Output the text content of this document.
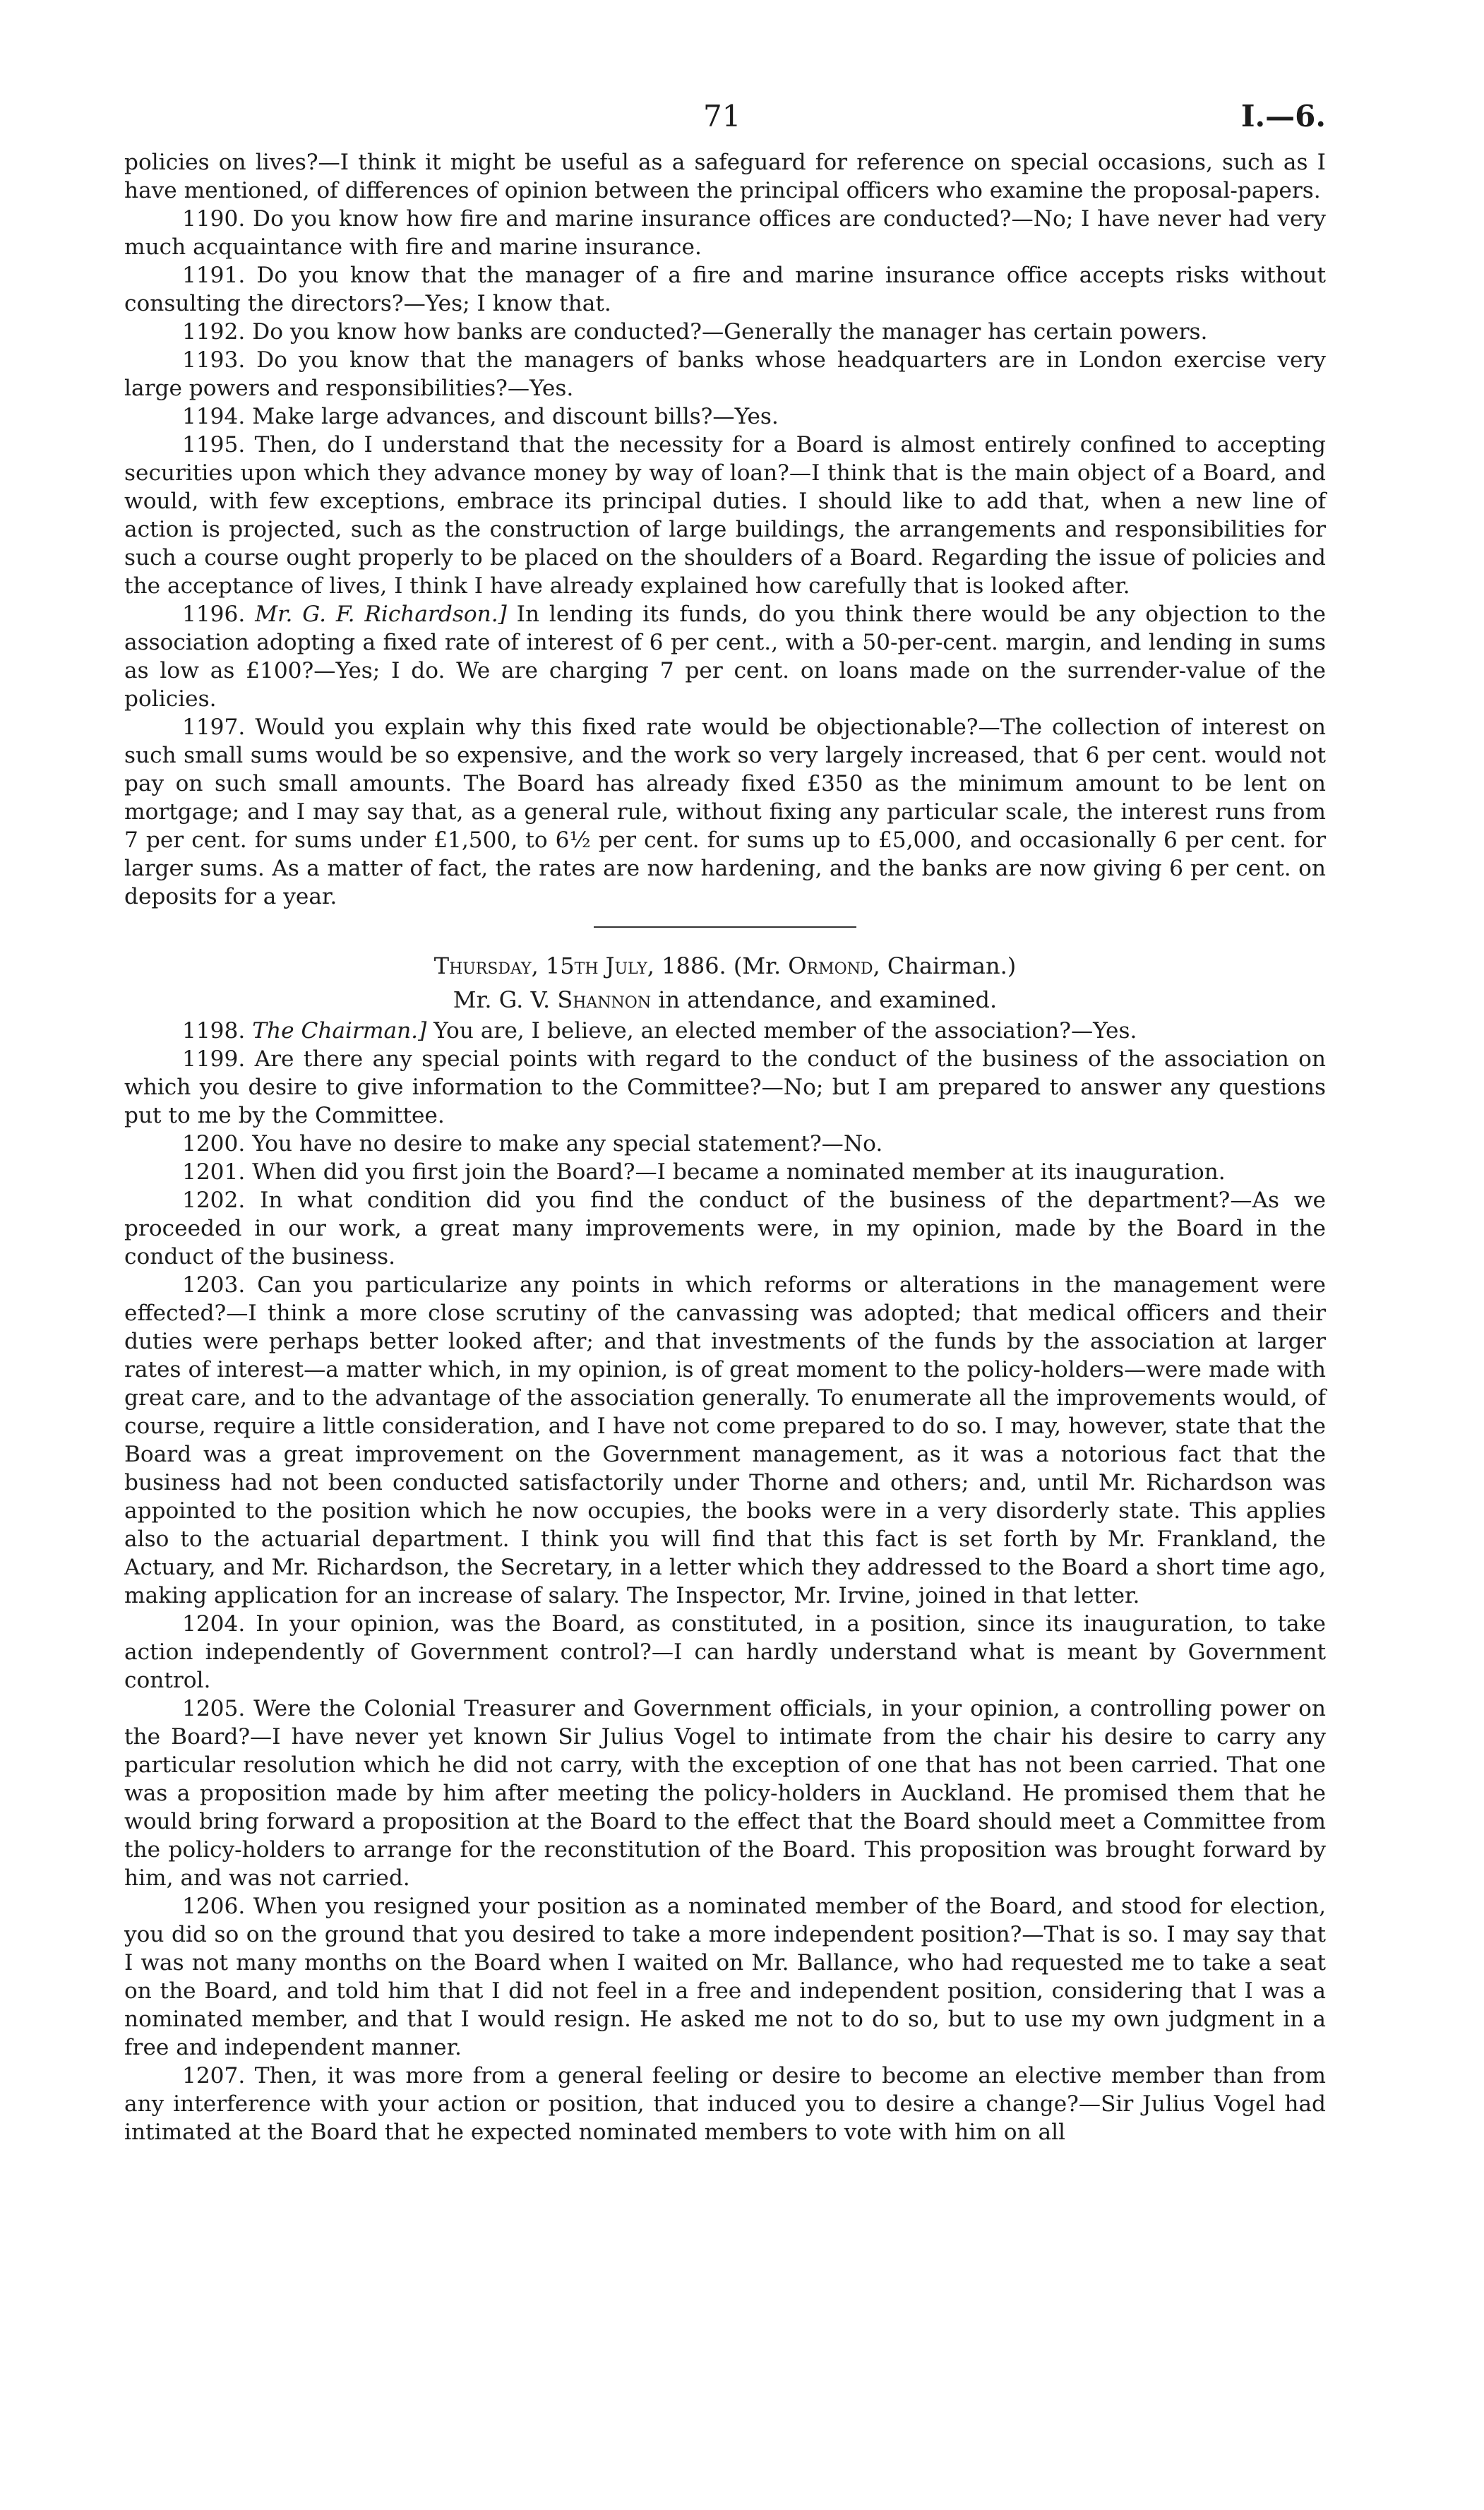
71	I.—6.

policies on lives?—I think it might be useful as a safeguard for reference on special occasions, such as I have mentioned, of differences of opinion between the principal officers who examine the proposal-papers.

1190. Do you know how fire and marine insurance offices are conducted?—No; I have never had very much acquaintance with fire and marine insurance.

1191. Do you know that the manager of a fire and marine insurance office accepts risks without consulting the directors?—Yes; I know that.

1192. Do you know how banks are conducted?—Generally the manager has certain powers.

1193. Do you know that the managers of banks whose headquarters are in London exercise very large powers and responsibilities?—Yes.

1194. Make large advances, and discount bills?—Yes.

1195. Then, do I understand that the necessity for a Board is almost entirely confined to accepting securities upon which they advance money by way of loan?—I think that is the main object of a Board, and would, with few exceptions, embrace its principal duties. I should like to add that, when a new line of action is projected, such as the construction of large buildings, the arrangements and responsibilities for such a course ought properly to be placed on the shoulders of a Board. Regarding the issue of policies and the acceptance of lives, I think I have already explained how carefully that is looked after.

1196. Mr. G. F. Richardson.] In lending its funds, do you think there would be any objection to the association adopting a fixed rate of interest of 6 per cent., with a 50-per-cent. margin, and lending in sums as low as £100?—Yes; I do. We are charging 7 per cent. on loans made on the surrender-value of the policies.

1197. Would you explain why this fixed rate would be objectionable?—The collection of interest on such small sums would be so expensive, and the work so very largely increased, that 6 per cent. would not pay on such small amounts. The Board has already fixed £350 as the minimum amount to be lent on mortgage; and I may say that, as a general rule, without fixing any particular scale, the interest runs from 7 per cent. for sums under £1,500, to 6½ per cent. for sums up to £5,000, and occasionally 6 per cent. for larger sums. As a matter of fact, the rates are now hardening, and the banks are now giving 6 per cent. on deposits for a year.

Thursday, 15th July, 1886. (Mr. Ormond, Chairman.)

Mr. G. V. Shannon in attendance, and examined.

1198. The Chairman.] You are, I believe, an elected member of the association?—Yes.

1199. Are there any special points with regard to the conduct of the business of the association on which you desire to give information to the Committee?—No; but I am prepared to answer any questions put to me by the Committee.

1200. You have no desire to make any special statement?—No.

1201. When did you first join the Board?—I became a nominated member at its inauguration.

1202. In what condition did you find the conduct of the business of the department?—As we proceeded in our work, a great many improvements were, in my opinion, made by the Board in the conduct of the business.

1203. Can you particularize any points in which reforms or alterations in the management were effected?—I think a more close scrutiny of the canvassing was adopted; that medical officers and their duties were perhaps better looked after; and that investments of the funds by the association at larger rates of interest—a matter which, in my opinion, is of great moment to the policy-holders—were made with great care, and to the advantage of the association generally. To enumerate all the improvements would, of course, require a little consideration, and I have not come prepared to do so. I may, however, state that the Board was a great improvement on the Government management, as it was a notorious fact that the business had not been conducted satisfactorily under Thorne and others; and, until Mr. Richardson was appointed to the position which he now occupies, the books were in a very disorderly state. This applies also to the actuarial department. I think you will find that this fact is set forth by Mr. Frankland, the Actuary, and Mr. Richardson, the Secretary, in a letter which they addressed to the Board a short time ago, making application for an increase of salary. The Inspector, Mr. Irvine, joined in that letter.

1204. In your opinion, was the Board, as constituted, in a position, since its inauguration, to take action independently of Government control?—I can hardly understand what is meant by Government control.

1205. Were the Colonial Treasurer and Government officials, in your opinion, a controlling power on the Board?—I have never yet known Sir Julius Vogel to intimate from the chair his desire to carry any particular resolution which he did not carry, with the exception of one that has not been carried. That one was a proposition made by him after meeting the policy-holders in Auckland. He promised them that he would bring forward a proposition at the Board to the effect that the Board should meet a Committee from the policy-holders to arrange for the reconstitution of the Board. This proposition was brought forward by him, and was not carried.

1206. When you resigned your position as a nominated member of the Board, and stood for election, you did so on the ground that you desired to take a more independent position?—That is so. I may say that I was not many months on the Board when I waited on Mr. Ballance, who had requested me to take a seat on the Board, and told him that I did not feel in a free and independent position, considering that I was a nominated member, and that I would resign. He asked me not to do so, but to use my own judgment in a free and independent manner.

1207. Then, it was more from a general feeling or desire to become an elective member than from any interference with your action or position, that induced you to desire a change?—Sir Julius Vogel had intimated at the Board that he expected nominated members to vote with him on all
